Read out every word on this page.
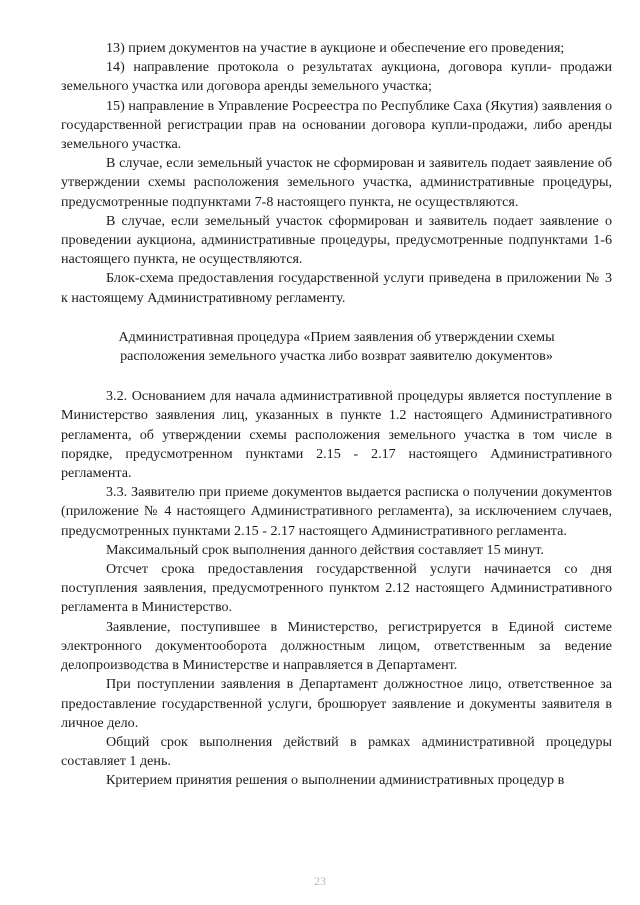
13) прием документов на участие в аукционе и обеспечение его проведения;

14) направление протокола о результатах аукциона, договора купли- продажи земельного участка или договора аренды земельного участка;

15) направление в Управление Росреестра по Республике Саха (Якутия) заявления о государственной регистрации прав на основании договора купли-продажи, либо аренды земельного участка.

В случае, если земельный участок не сформирован и заявитель подает заявление об утверждении схемы расположения земельного участка, административные процедуры, предусмотренные подпунктами 7-8 настоящего пункта, не осуществляются.

В случае, если земельный участок сформирован и заявитель подает заявление о проведении аукциона, административные процедуры, предусмотренные подпунктами 1-6 настоящего пункта, не осуществляются.

Блок-схема предоставления государственной услуги приведена в приложении № 3 к настоящему Административному регламенту.

Административная процедура «Прием заявления об утверждении схемы
расположения земельного участка либо возврат заявителю документов»

3.2. Основанием для начала административной процедуры является поступление в Министерство заявления лиц, указанных в пункте 1.2 настоящего Административного регламента, об утверждении схемы расположения земельного участка в том числе в порядке, предусмотренном пунктами 2.15 - 2.17 настоящего Административного регламента.

3.3. Заявителю при приеме документов выдается расписка о получении документов (приложение № 4 настоящего Административного регламента), за исключением случаев, предусмотренных пунктами 2.15 - 2.17 настоящего Административного регламента.

Максимальный срок выполнения данного действия составляет 15 минут.

Отсчет срока предоставления государственной услуги начинается со дня поступления заявления, предусмотренного пунктом 2.12 настоящего Административного регламента в Министерство.

Заявление, поступившее в Министерство, регистрируется в Единой системе электронного документооборота должностным лицом, ответственным за ведение делопроизводства в Министерстве и направляется в Департамент.

При поступлении заявления в Департамент должностное лицо, ответственное за предоставление государственной услуги, брошюрует заявление и документы заявителя в личное дело.

Общий срок выполнения действий в рамках административной процедуры составляет 1 день.

Критерием принятия решения о выполнении административных процедур в

23
